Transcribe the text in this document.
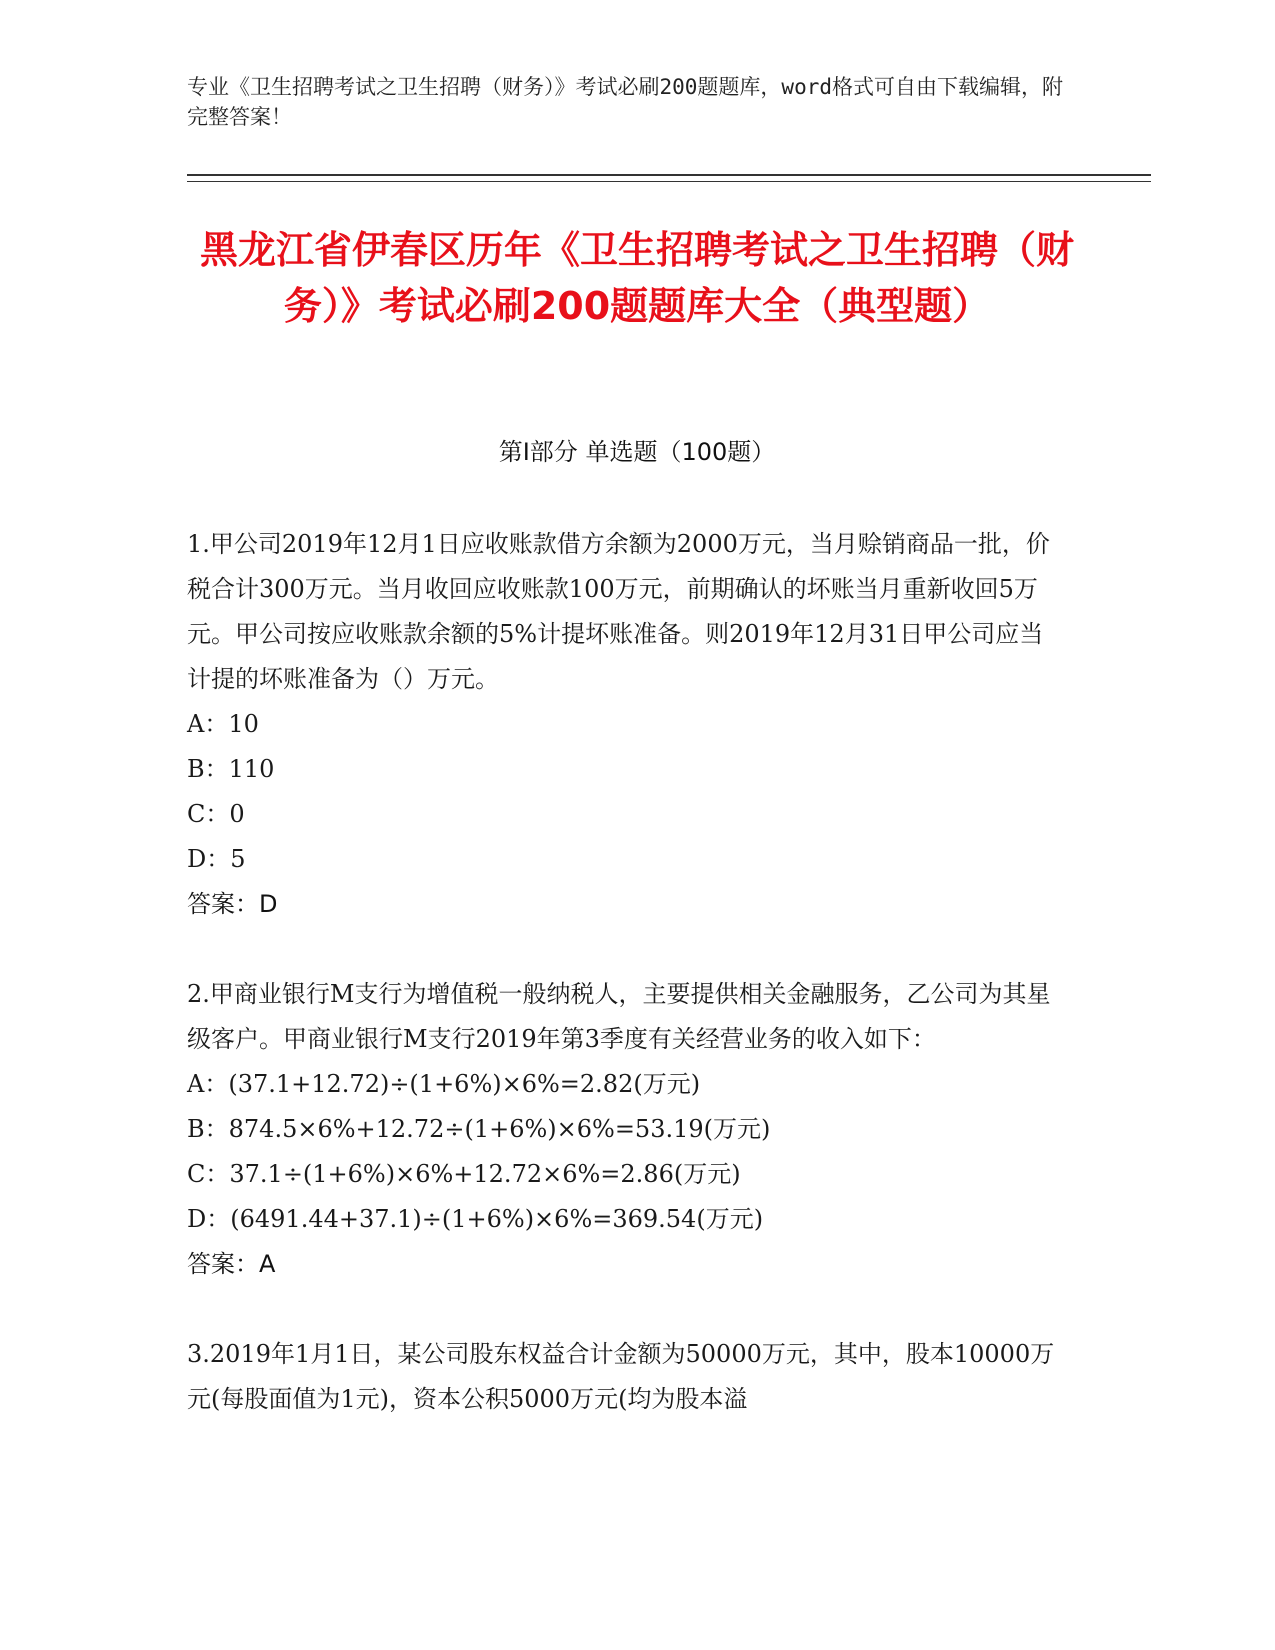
专业《卫生招聘考试之卫生招聘（财务）》考试必刷200题题库，word格式可自由下载编辑，附完整答案！
黑龙江省伊春区历年《卫生招聘考试之卫生招聘（财务）》考试必刷200题题库大全（典型题）
第Ⅰ部分 单选题（100题）
1.甲公司2019年12月1日应收账款借方余额为2000万元，当月赊销商品一批，价税合计300万元。当月收回应收账款100万元，前期确认的坏账当月重新收回5万元。甲公司按应收账款余额的5%计提坏账准备。则2019年12月31日甲公司应当计提的坏账准备为（）万元。
A：10
B：110
C：0
D：5
答案：D
2.甲商业银行M支行为增值税一般纳税人，主要提供相关金融服务，乙公司为其星级客户。甲商业银行M支行2019年第3季度有关经营业务的收入如下：
A：(37.1+12.72)÷(1+6%)×6%=2.82(万元)
B：874.5×6%+12.72÷(1+6%)×6%=53.19(万元)
C：37.1÷(1+6%)×6%+12.72×6%=2.86(万元)
D：(6491.44+37.1)÷(1+6%)×6%=369.54(万元)
答案：A
3.2019年1月1日，某公司股东权益合计金额为50000万元，其中，股本10000万元(每股面值为1元)，资本公积5000万元(均为股本溢
